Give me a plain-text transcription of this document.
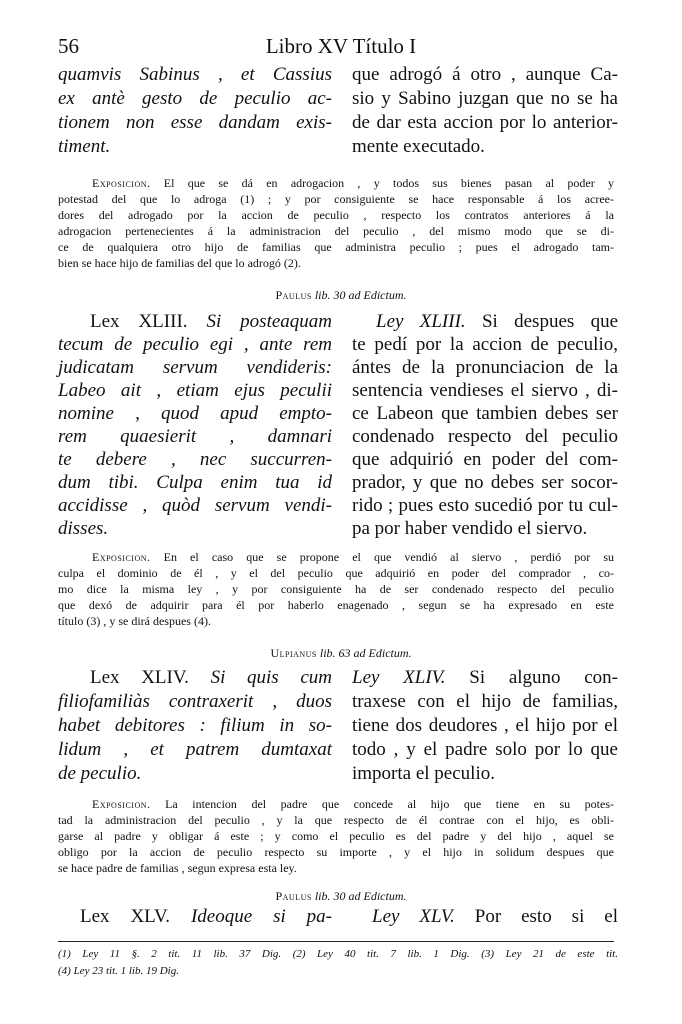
56	Libro XV Título I
quamvis Sabinus , et Cassius
ex antè gesto de peculio ac-
tionem non esse dandam exis-
timent.
que adrogó á otro , aunque Ca-
sio y Sabino juzgan que no se ha
de dar esta accion por lo anterior-
mente executado.
Exposicion. El que se dá en adrogacion , y todos sus bienes pasan al poder y
potestad del que lo adroga (1) ; y por consiguiente se hace responsable á los acree-
dores del adrogado por la accion de peculio , respecto los contratos anteriores á la
adrogacion pertenecientes á la administracion del peculio , del mismo modo que se di-
ce de qualquiera otro hijo de familias que administra peculio ; pues el adrogado tam-
bien se hace hijo de familias del que lo adrogó (2).
Paulus lib. 30 ad Edictum.
Lex XLIII. Si posteaquam
tecum de peculio egi , ante rem
judicatam servum vendideris:
Labeo ait , etiam ejus peculii
nomine , quod apud empto-
rem quaesierit , damnari
te debere , nec succurren-
dum tibi. Culpa enim tua id
accidisse , quòd servum vendi-
disses.
Ley XLIII. Si despues que
te pedí por la accion de peculio,
ántes de la pronunciacion de la
sentencia vendieses el siervo , di-
ce Labeon que tambien debes ser
condenado respecto del peculio
que adquirió en poder del com-
prador, y que no debes ser socor-
rido ; pues esto sucedió por tu cul-
pa por haber vendido el siervo.
Exposicion. En el caso que se propone el que vendió al siervo , perdió por su
culpa el dominio de él , y el del peculio que adquirió en poder del comprador , co-
mo dice la misma ley , y por consiguiente ha de ser condenado respecto del peculio
que dexó de adquirir para él por haberlo enagenado , segun se ha expresado en este
título (3) , y se dirá despues (4).
Ulpianus lib. 63 ad Edictum.
Lex XLIV. Si quis cum
filiofamiliàs contraxerit , duos
habet debitores : filium in so-
lidum , et patrem dumtaxat
de peculio.
Ley XLIV. Si alguno con-
traxese con el hijo de familias,
tiene dos deudores , el hijo por el
todo , y el padre solo por lo que
importa el peculio.
Exposicion. La intencion del padre que concede al hijo que tiene en su potes-
tad la administracion del peculio , y la que respecto de él contrae con el hijo, es obli-
garse al padre y obligar á este ; y como el peculio es del padre y del hijo , aquel se
obligo por la accion de peculio respecto su importe , y el hijo in solidum despues que
se hace padre de familias , segun expresa esta ley.
Paulus lib. 30 ad Edictum.
Lex XLV. Ideoque si pa-	Ley XLV. Por esto si el
(1) Ley 11 §. 2 tit. 11 lib. 37 Dig. (2) Ley 40 tit. 7 lib. 1 Dig. (3) Ley 21 de este tit.
(4) Ley 23 tit. 1 lib. 19 Dig.
